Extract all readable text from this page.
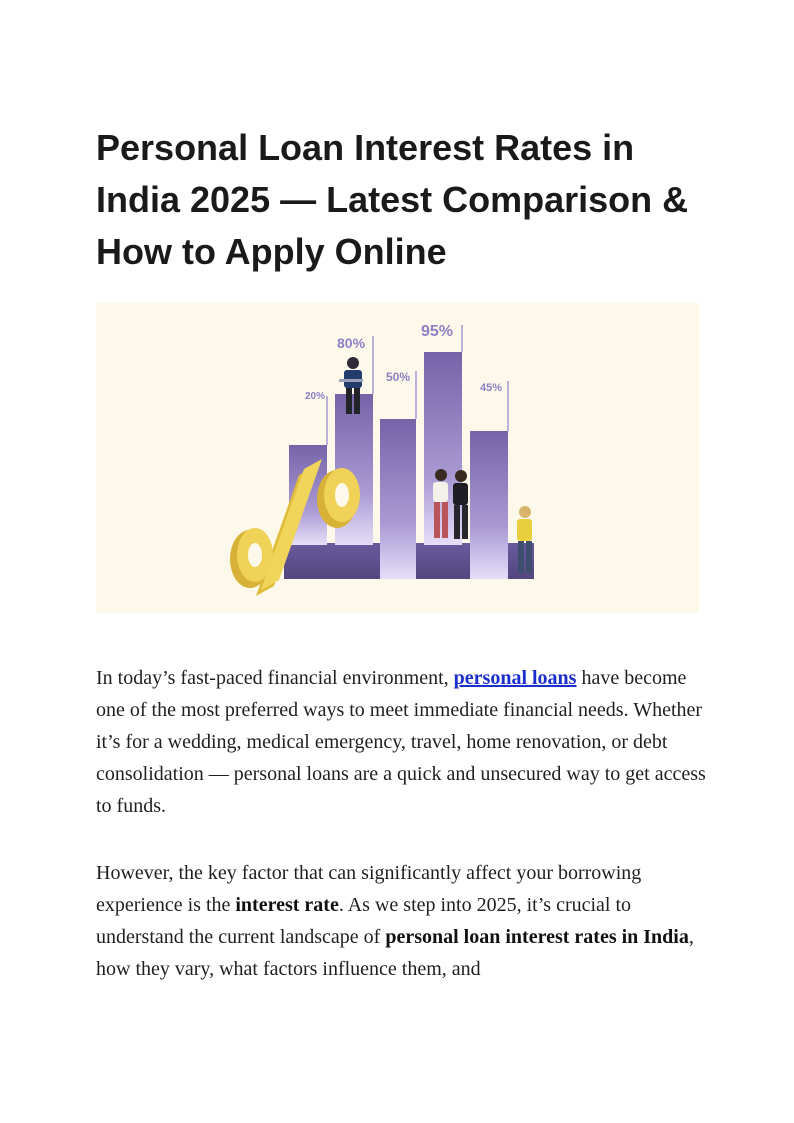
Personal Loan Interest Rates in India 2025 — Latest Comparison & How to Apply Online
20%
80%
50%
95%
45%

In today’s fast-paced financial environment, personal loans have become one of the most preferred ways to meet immediate financial needs. Whether it’s for a wedding, medical emergency, travel, home renovation, or debt consolidation — personal loans are a quick and unsecured way to get access to funds.

However, the key factor that can significantly affect your borrowing experience is the interest rate. As we step into 2025, it’s crucial to understand the current landscape of personal loan interest rates in India, how they vary, what factors influence them, and
